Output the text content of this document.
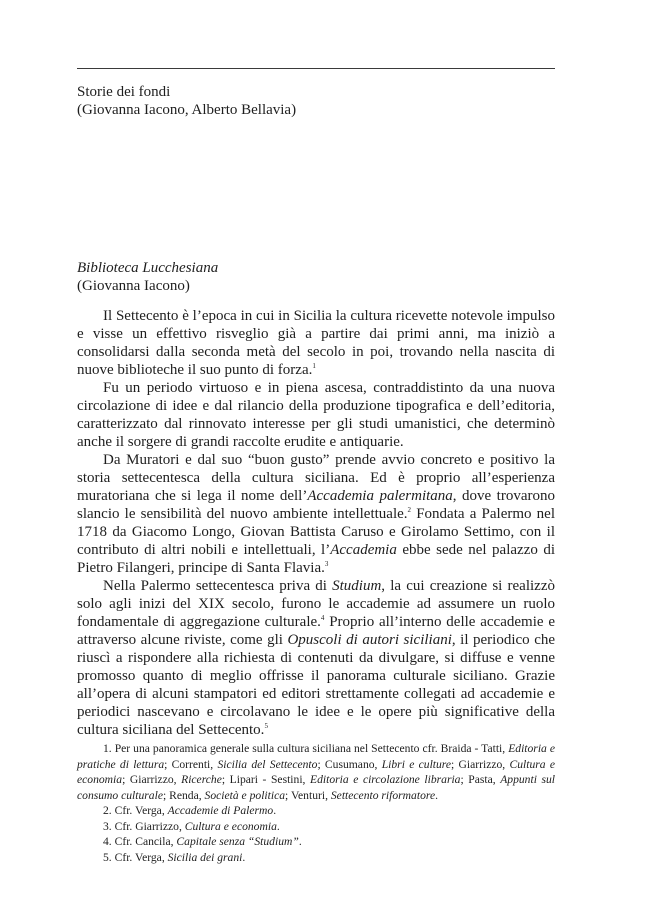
Storie dei fondi
(Giovanna Iacono, Alberto Bellavia)
Biblioteca Lucchesiana
(Giovanna Iacono)

Il Settecento è l’epoca in cui in Sicilia la cultura ricevette notevole impulso e visse un effettivo risveglio già a partire dai primi anni, ma iniziò a consolidarsi dalla seconda metà del secolo in poi, trovando nella nascita di nuove biblioteche il suo punto di forza.$^1$

Fu un periodo virtuoso e in piena ascesa, contraddistinto da una nuova circolazione di idee e dal rilancio della produzione tipografica e dell’editoria, caratterizzato dal rinnovato interesse per gli studi umanistici, che determinò anche il sorgere di grandi raccolte erudite e antiquarie.

Da Muratori e dal suo “buon gusto” prende avvio concreto e positivo la storia settecentesca della cultura siciliana. Ed è proprio all’esperienza muratoriana che si lega il nome dell’Accademia palermitana, dove trovarono slancio le sensibilità del nuovo ambiente intellettuale.$^2$ Fondata a Palermo nel 1718 da Giacomo Longo, Giovan Battista Caruso e Girolamo Settimo, con il contributo di altri nobili e intellettuali, l’Accademia ebbe sede nel palazzo di Pietro Filangeri, principe di Santa Flavia.$^3$

Nella Palermo settecentesca priva di Studium, la cui creazione si realizzò solo agli inizi del XIX secolo, furono le accademie ad assumere un ruolo fondamentale di aggregazione culturale.$^4$ Proprio all’interno delle accademie e attraverso alcune riviste, come gli Opuscoli di autori siciliani, il periodico che riuscì a rispondere alla richiesta di contenuti da divulgare, si diffuse e venne promosso quanto di meglio offrisse il panorama culturale siciliano. Grazie all’opera di alcuni stampatori ed editori strettamente collegati ad accademie e periodici nascevano e circolavano le idee e le opere più significative della cultura siciliana del Settecento.$^5$

1. Per una panoramica generale sulla cultura siciliana nel Settecento cfr. Braida - Tatti, Editoria e pratiche di lettura; Correnti, Sicilia del Settecento; Cusumano, Libri e culture; Giarrizzo, Cultura e economia; Giarrizzo, Ricerche; Lipari - Sestini, Editoria e circolazione libraria; Pasta, Appunti sul consumo culturale; Renda, Società e politica; Venturi, Settecento riformatore.

2. Cfr. Verga, Accademie di Palermo.

3. Cfr. Giarrizzo, Cultura e economia.

4. Cfr. Cancila, Capitale senza “Studium”.

5. Cfr. Verga, Sicilia dei grani.
